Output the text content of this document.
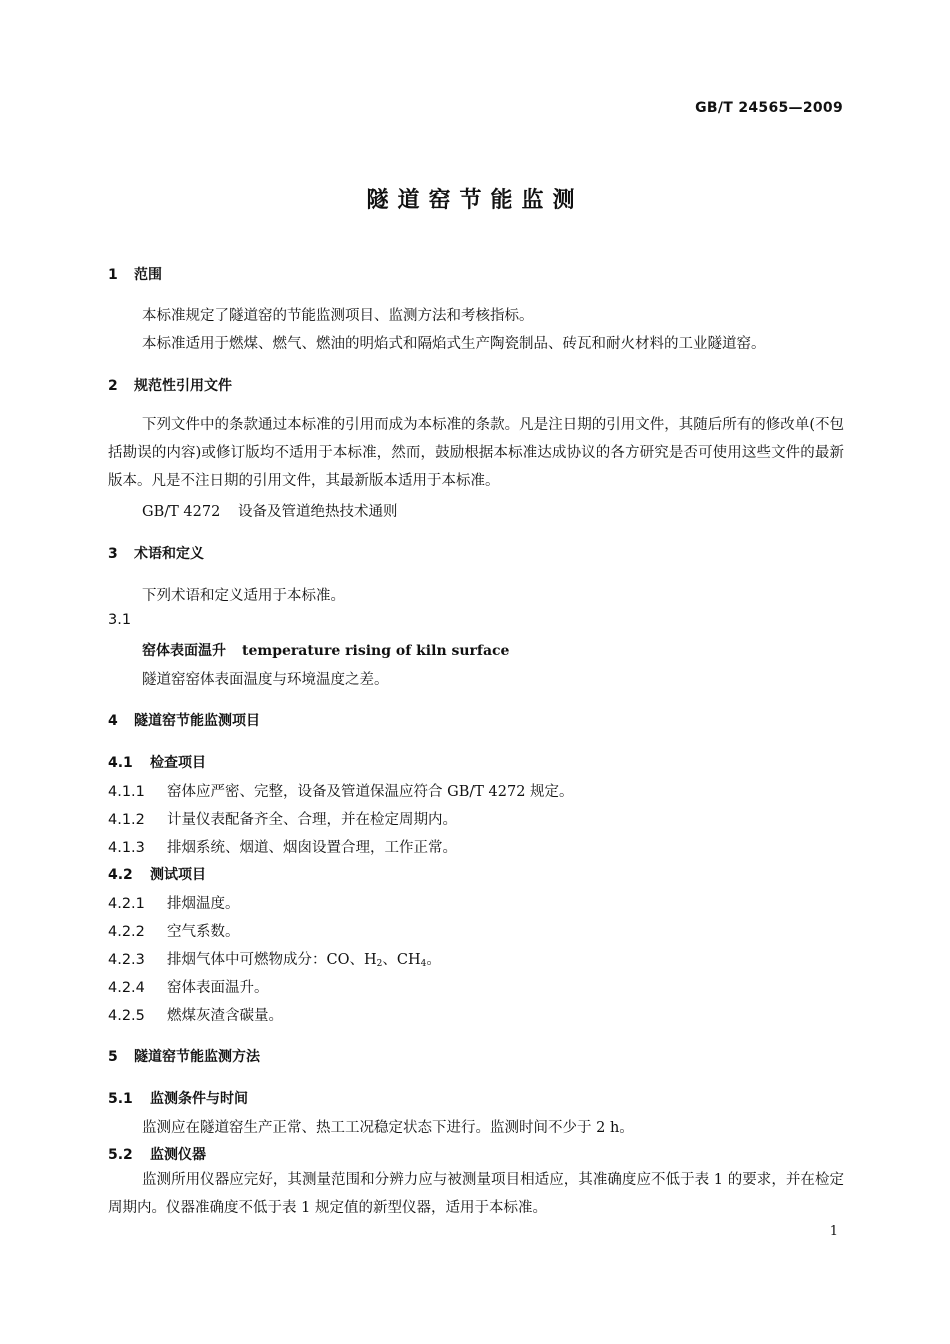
GB/T 24565—2009
隧道窑节能监测
1 范围
本标准规定了隧道窑的节能监测项目、监测方法和考核指标。
本标准适用于燃煤、燃气、燃油的明焰式和隔焰式生产陶瓷制品、砖瓦和耐火材料的工业隧道窑。
2 规范性引用文件
下列文件中的条款通过本标准的引用而成为本标准的条款。凡是注日期的引用文件，其随后所有的修改单(不包括勘误的内容)或修订版均不适用于本标准，然而，鼓励根据本标准达成协议的各方研究是否可使用这些文件的最新版本。凡是不注日期的引用文件，其最新版本适用于本标准。
GB/T 4272 设备及管道绝热技术通则
3 术语和定义
下列术语和定义适用于本标准。
3.1
窑体表面温升 temperature rising of kiln surface
隧道窑窑体表面温度与环境温度之差。
4 隧道窑节能监测项目
4.1 检查项目
4.1.1 窑体应严密、完整，设备及管道保温应符合 GB/T 4272 规定。
4.1.2 计量仪表配备齐全、合理，并在检定周期内。
4.1.3 排烟系统、烟道、烟囱设置合理，工作正常。
4.2 测试项目
4.2.1 排烟温度。
4.2.2 空气系数。
4.2.3 排烟气体中可燃物成分：CO、$H_2$、$CH_4$。
4.2.4 窑体表面温升。
4.2.5 燃煤灰渣含碳量。
5 隧道窑节能监测方法
5.1 监测条件与时间
监测应在隧道窑生产正常、热工工况稳定状态下进行。监测时间不少于 2 h。
5.2 监测仪器
监测所用仪器应完好，其测量范围和分辨力应与被测量项目相适应，其准确度应不低于表 1 的要求，并在检定周期内。仪器准确度不低于表 1 规定值的新型仪器，适用于本标准。
1
